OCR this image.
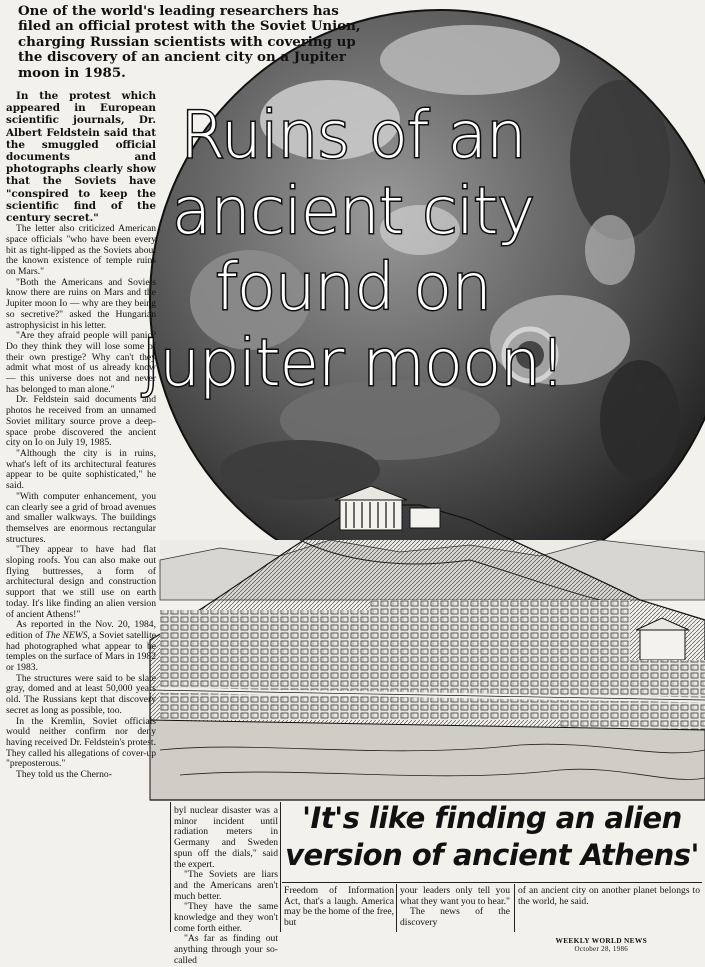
One of the world's leading researchers has filed an official protest with the Soviet Union, charging Russian scientists with covering up the discovery of an ancient city on a Jupiter moon in 1985.

Ruins of an
ancient city
found on
Jupiter moon!

In the protest which appeared in European scientific journals, Dr. Albert Feldstein said that the smuggled official documents and photographs clearly show that the Soviets have "conspired to keep the scientific find of the century secret."

The letter also criticized American space officials "who have been every bit as tight-lipped as the Soviets about the known existence of temple ruins on Mars."

"Both the Americans and Soviets know there are ruins on Mars and the Jupiter moon Io — why are they being so secretive?" asked the Hungarian astrophysicist in his letter.

"Are they afraid people will panic? Do they think they will lose some of their own prestige? Why can't they admit what most of us already know — this universe does not and never has belonged to man alone."

Dr. Feldstein said documents and photos he received from an unnamed Soviet military source prove a deep-space probe discovered the ancient city on Io on July 19, 1985.

"Although the city is in ruins, what's left of its architectural features appear to be quite sophisticated," he said.

"With computer enhancement, you can clearly see a grid of broad avenues and smaller walkways. The buildings themselves are enormous rectangular structures.

"They appear to have had flat sloping roofs. You can also make out flying buttresses, a form of architectural design and construction support that we still use on earth today. It's like finding an alien version of ancient Athens!"

As reported in the Nov. 20, 1984, edition of The NEWS, a Soviet satellite had photographed what appear to be temples on the surface of Mars in 1982 or 1983.

The structures were said to be slate gray, domed and at least 50,000 years old. The Russians kept that discovery secret as long as possible, too.

In the Kremlin, Soviet officials would neither confirm nor deny having received Dr. Feldstein's protest. They called his allegations of cover-up "preposterous."

They told us the Cherno-

byl nuclear disaster was a minor incident until radiation meters in Germany and Sweden spun off the dials," said the expert.

"The Soviets are liars and the Americans aren't much better.

"They have the same knowledge and they won't come forth either.

"As far as finding out anything through your so-called

'It's like finding an alien
version of ancient Athens'

Freedom of Information Act, that's a laugh. America may be the home of the free, but

your leaders only tell you what they want you to hear."

The news of the discovery

of an ancient city on another planet belongs to the world, he said.

WEEKLY WORLD NEWS
October 28, 1986
